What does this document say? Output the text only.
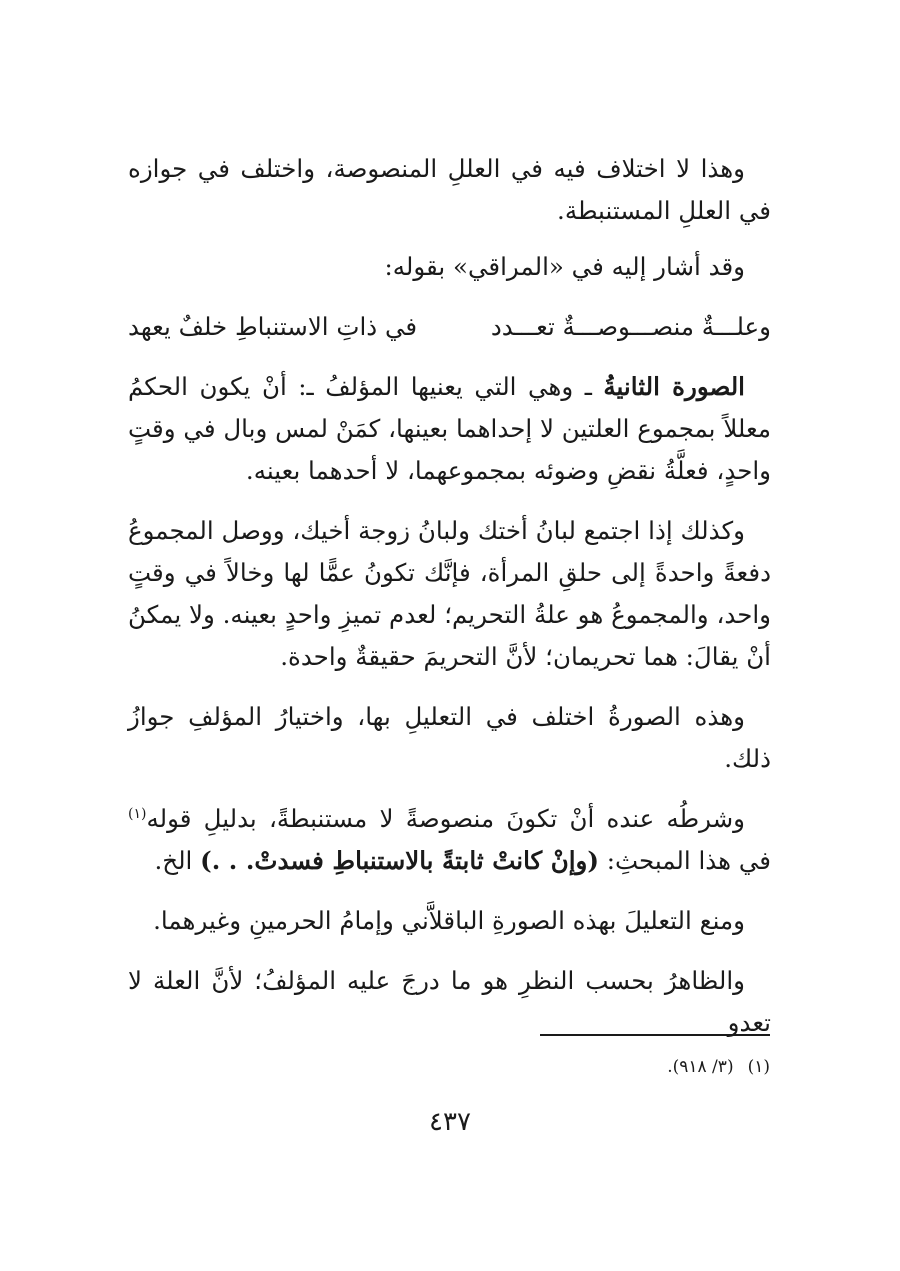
وهذا لا اختلاف فيه في العللِ المنصوصة، واختلف في جوازه في العللِ المستنبطة.

وقد أشار إليه في «المراقي» بقوله:

وعلـــةٌ منصـــوصـــةٌ تعـــدد
في ذاتِ الاستنباطِ خلفٌ يعهد

الصورة الثانيةُ ـ وهي التي يعنيها المؤلفُ ـ: أنْ يكون الحكمُ معللاً بمجموع العلتين لا إحداهما بعينها، كمَنْ لمس وبال في وقتٍ واحدٍ، فعلَّةُ نقضِ وضوئه بمجموعهما، لا أحدهما بعينه.

وكذلك إذا اجتمع لبانُ أختك ولبانُ زوجة أخيك، ووصل المجموعُ دفعةً واحدةً إلى حلقِ المرأة، فإنَّك تكونُ عمًّا لها وخالاً في وقتٍ واحد، والمجموعُ هو علةُ التحريم؛ لعدم تميزِ واحدٍ بعينه. ولا يمكنُ أنْ يقالَ: هما تحريمان؛ لأنَّ التحريمَ حقيقةٌ واحدة.

وهذه الصورةُ اختلف في التعليلِ بها، واختيارُ المؤلفِ جوازُ ذلك.

وشرطُه عنده أنْ تكونَ منصوصةً لا مستنبطةً، بدليلِ قوله$^{(١)}$ في هذا المبحثِ: (وإنْ كانتْ ثابتةً بالاستنباطِ فسدتْ. . .) الخ.

ومنع التعليلَ بهذه الصورةِ الباقلاَّني وإمامُ الحرمينِ وغيرهما.

والظاهرُ بحسب النظرِ هو ما درجَ عليه المؤلفُ؛ لأنَّ العلة لا تعدو

(١)(٣/ ٩١٨).
٤٣٧
